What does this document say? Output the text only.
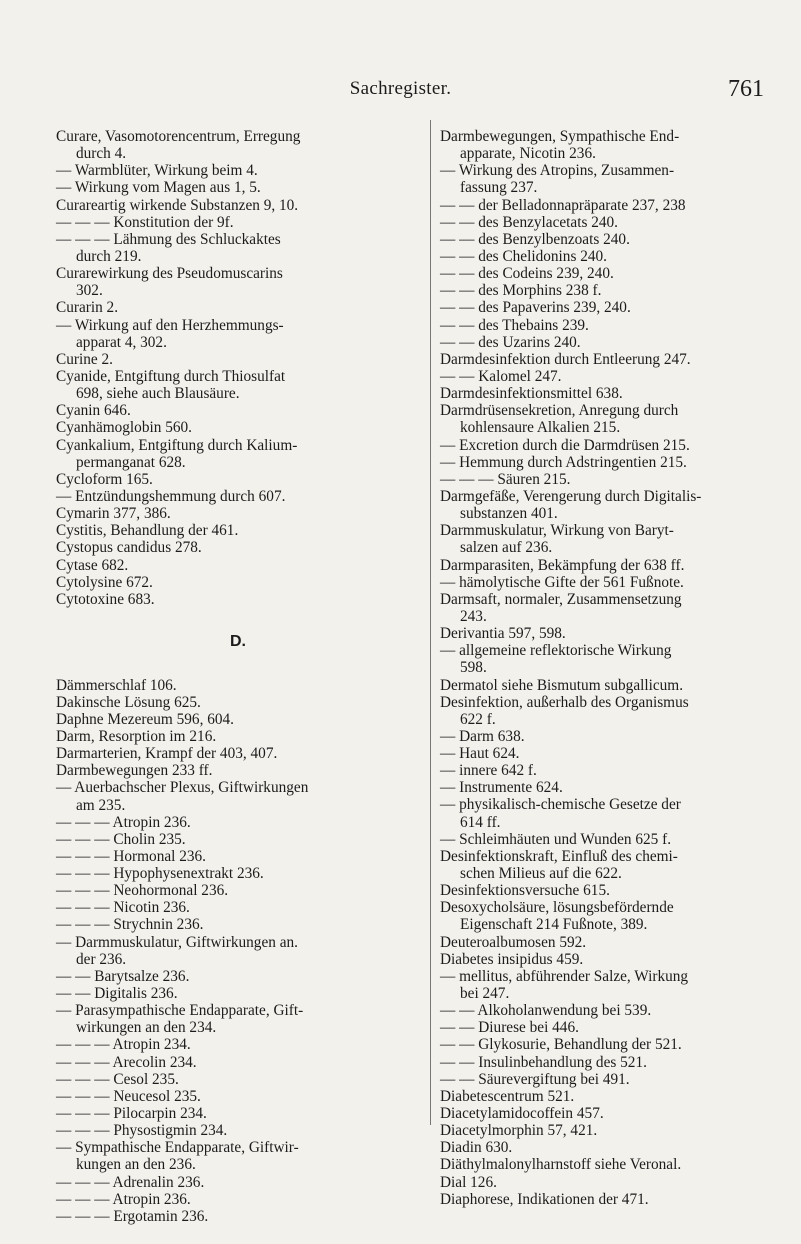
Sachregister.	761
Curare, Vasomotorencentrum, Erregung
durch 4.
— Warmblüter, Wirkung beim 4.
— Wirkung vom Magen aus 1, 5.
Curareartig wirkende Substanzen 9, 10.
— — — Konstitution der 9f.
— — — Lähmung des Schluckaktes
durch 219.
Curarewirkung des Pseudomuscarins
302.
Curarin 2.
— Wirkung auf den Herzhemmungs-
apparat 4, 302.
Curine 2.
Cyanide, Entgiftung durch Thiosulfat
698, siehe auch Blausäure.
Cyanin 646.
Cyanhämoglobin 560.
Cyankalium, Entgiftung durch Kalium-
permanganat 628.
Cycloform 165.
— Entzündungshemmung durch 607.
Cymarin 377, 386.
Cystitis, Behandlung der 461.
Cystopus candidus 278.
Cytase 682.
Cytolysine 672.
Cytotoxine 683.
D.
Dämmerschlaf 106.
Dakinsche Lösung 625.
Daphne Mezereum 596, 604.
Darm, Resorption im 216.
Darmarterien, Krampf der 403, 407.
Darmbewegungen 233 ff.
— Auerbachscher Plexus, Giftwirkungen
am 235.
— — — Atropin 236.
— — — Cholin 235.
— — — Hormonal 236.
— — — Hypophysenextrakt 236.
— — — Neohormonal 236.
— — — Nicotin 236.
— — — Strychnin 236.
— Darmmuskulatur, Giftwirkungen an.
der 236.
— — Barytsalze 236.
— — Digitalis 236.
— Parasympathische Endapparate, Gift-
wirkungen an den 234.
— — — Atropin 234.
— — — Arecolin 234.
— — — Cesol 235.
— — — Neucesol 235.
— — — Pilocarpin 234.
— — — Physostigmin 234.
— Sympathische Endapparate, Giftwir-
kungen an den 236.
— — — Adrenalin 236.
— — — Atropin 236.
— — — Ergotamin 236.
Darmbewegungen, Sympathische End-
apparate, Nicotin 236.
— Wirkung des Atropins, Zusammen-
fassung 237.
— — der Belladonnapräparate 237, 238
— — des Benzylacetats 240.
— — des Benzylbenzoats 240.
— — des Chelidonins 240.
— — des Codeins 239, 240.
— — des Morphins 238 f.
— — des Papaverins 239, 240.
— — des Thebains 239.
— — des Uzarins 240.
Darmdesinfektion durch Entleerung 247.
— — Kalomel 247.
Darmdesinfektionsmittel 638.
Darmdrüsensekretion, Anregung durch
kohlensaure Alkalien 215.
— Excretion durch die Darmdrüsen 215.
— Hemmung durch Adstringentien 215.
— — — Säuren 215.
Darmgefäße, Verengerung durch Digitalis-
substanzen 401.
Darmmuskulatur, Wirkung von Baryt-
salzen auf 236.
Darmparasiten, Bekämpfung der 638 ff.
— hämolytische Gifte der 561 Fußnote.
Darmsaft, normaler, Zusammensetzung
243.
Derivantia 597, 598.
— allgemeine reflektorische Wirkung
598.
Dermatol siehe Bismutum subgallicum.
Desinfektion, außerhalb des Organismus
622 f.
— Darm 638.
— Haut 624.
— innere 642 f.
— Instrumente 624.
— physikalisch-chemische Gesetze der
614 ff.
— Schleimhäuten und Wunden 625 f.
Desinfektionskraft, Einfluß des chemi-
schen Milieus auf die 622.
Desinfektionsversuche 615.
Desoxycholsäure, lösungsbefördernde
Eigenschaft 214 Fußnote, 389.
Deuteroalbumosen 592.
Diabetes insipidus 459.
— mellitus, abführender Salze, Wirkung
bei 247.
— — Alkoholanwendung bei 539.
— — Diurese bei 446.
— — Glykosurie, Behandlung der 521.
— — Insulinbehandlung des 521.
— — Säurevergiftung bei 491.
Diabetescentrum 521.
Diacetylamidocoffein 457.
Diacetylmorphin 57, 421.
Diadin 630.
Diäthylmalonylharnstoff siehe Veronal.
Dial 126.
Diaphorese, Indikationen der 471.
